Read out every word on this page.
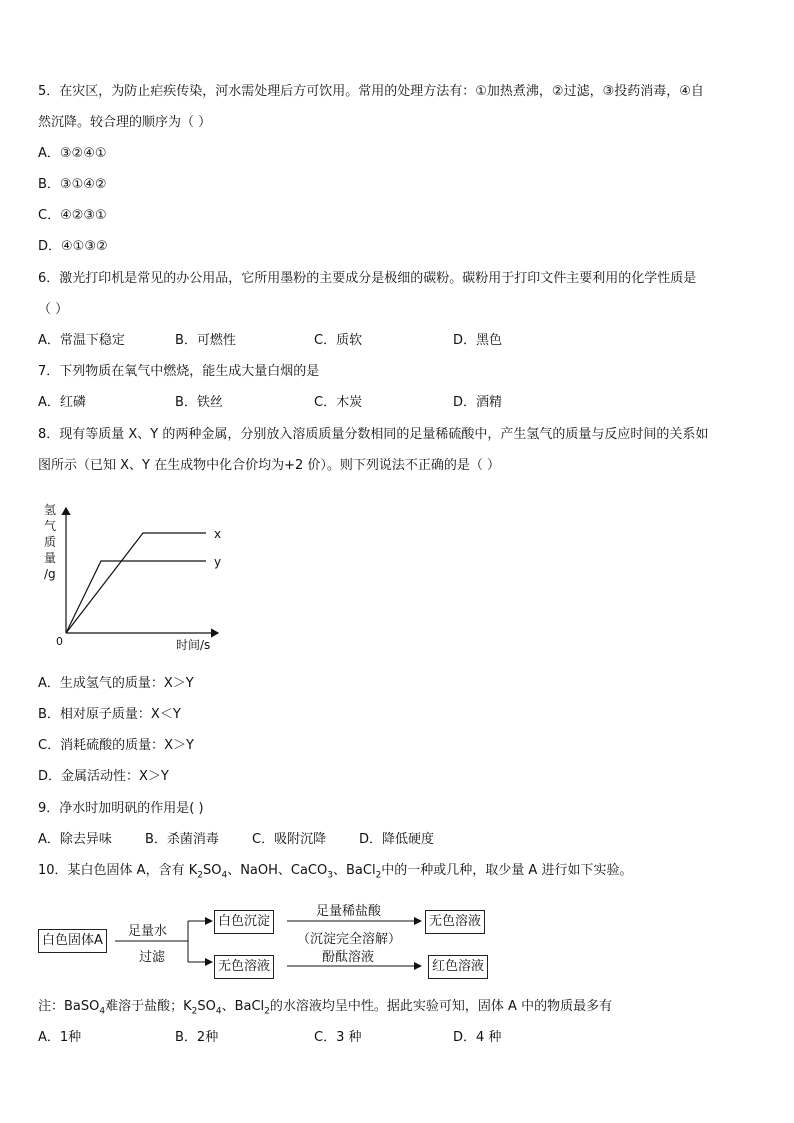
5．在灾区，为防止疟疾传染，河水需处理后方可饮用。常用的处理方法有：①加热煮沸，②过滤，③投药消毒，④自
然沉降。较合理的顺序为（ ）
A．③②④①
B．③①④②
C．④②③①
D．④①③②
6．激光打印机是常见的办公用品，它所用墨粉的主要成分是极细的碳粉。碳粉用于打印文件主要利用的化学性质是
（ ）
A．常温下稳定	B．可燃性	C．质软	D．黑色
7．下列物质在氧气中燃烧，能生成大量白烟的是
A．红磷	B．铁丝	C．木炭	D．酒精
8．现有等质量 X、Y 的两种金属，分别放入溶质质量分数相同的足量稀硫酸中，产生氢气的质量与反应时间的关系如
图所示（已知 X、Y 在生成物中化合价均为+2 价）。则下列说法不正确的是（ ）
氢
气
质
量
/g
0	时间/s
x
y
A．生成氢气的质量：X＞Y
B．相对原子质量：X＜Y
C．消耗硫酸的质量：X＞Y
D．金属活动性：X＞Y
9．净水时加明矾的作用是( )
A．除去异味	B．杀菌消毒	C．吸附沉降	D．降低硬度
10．某白色固体 A，含有 $K_2SO_4$、NaOH、CaCO$_3$、BaCl$_2$中的一种或几种，取少量 A 进行如下实验。
白色固体A
足量水
过滤
白色沉淀
无色溶液
足量稀盐酸
（沉淀完全溶解）
酚酞溶液
无色溶液
红色溶液
注：BaSO$_4$难溶于盐酸；$K_2SO_4$、BaCl$_2$的水溶液均呈中性。据此实验可知，固体 A 中的物质最多有
A．1种	B．2种	C．3 种	D．4 种
